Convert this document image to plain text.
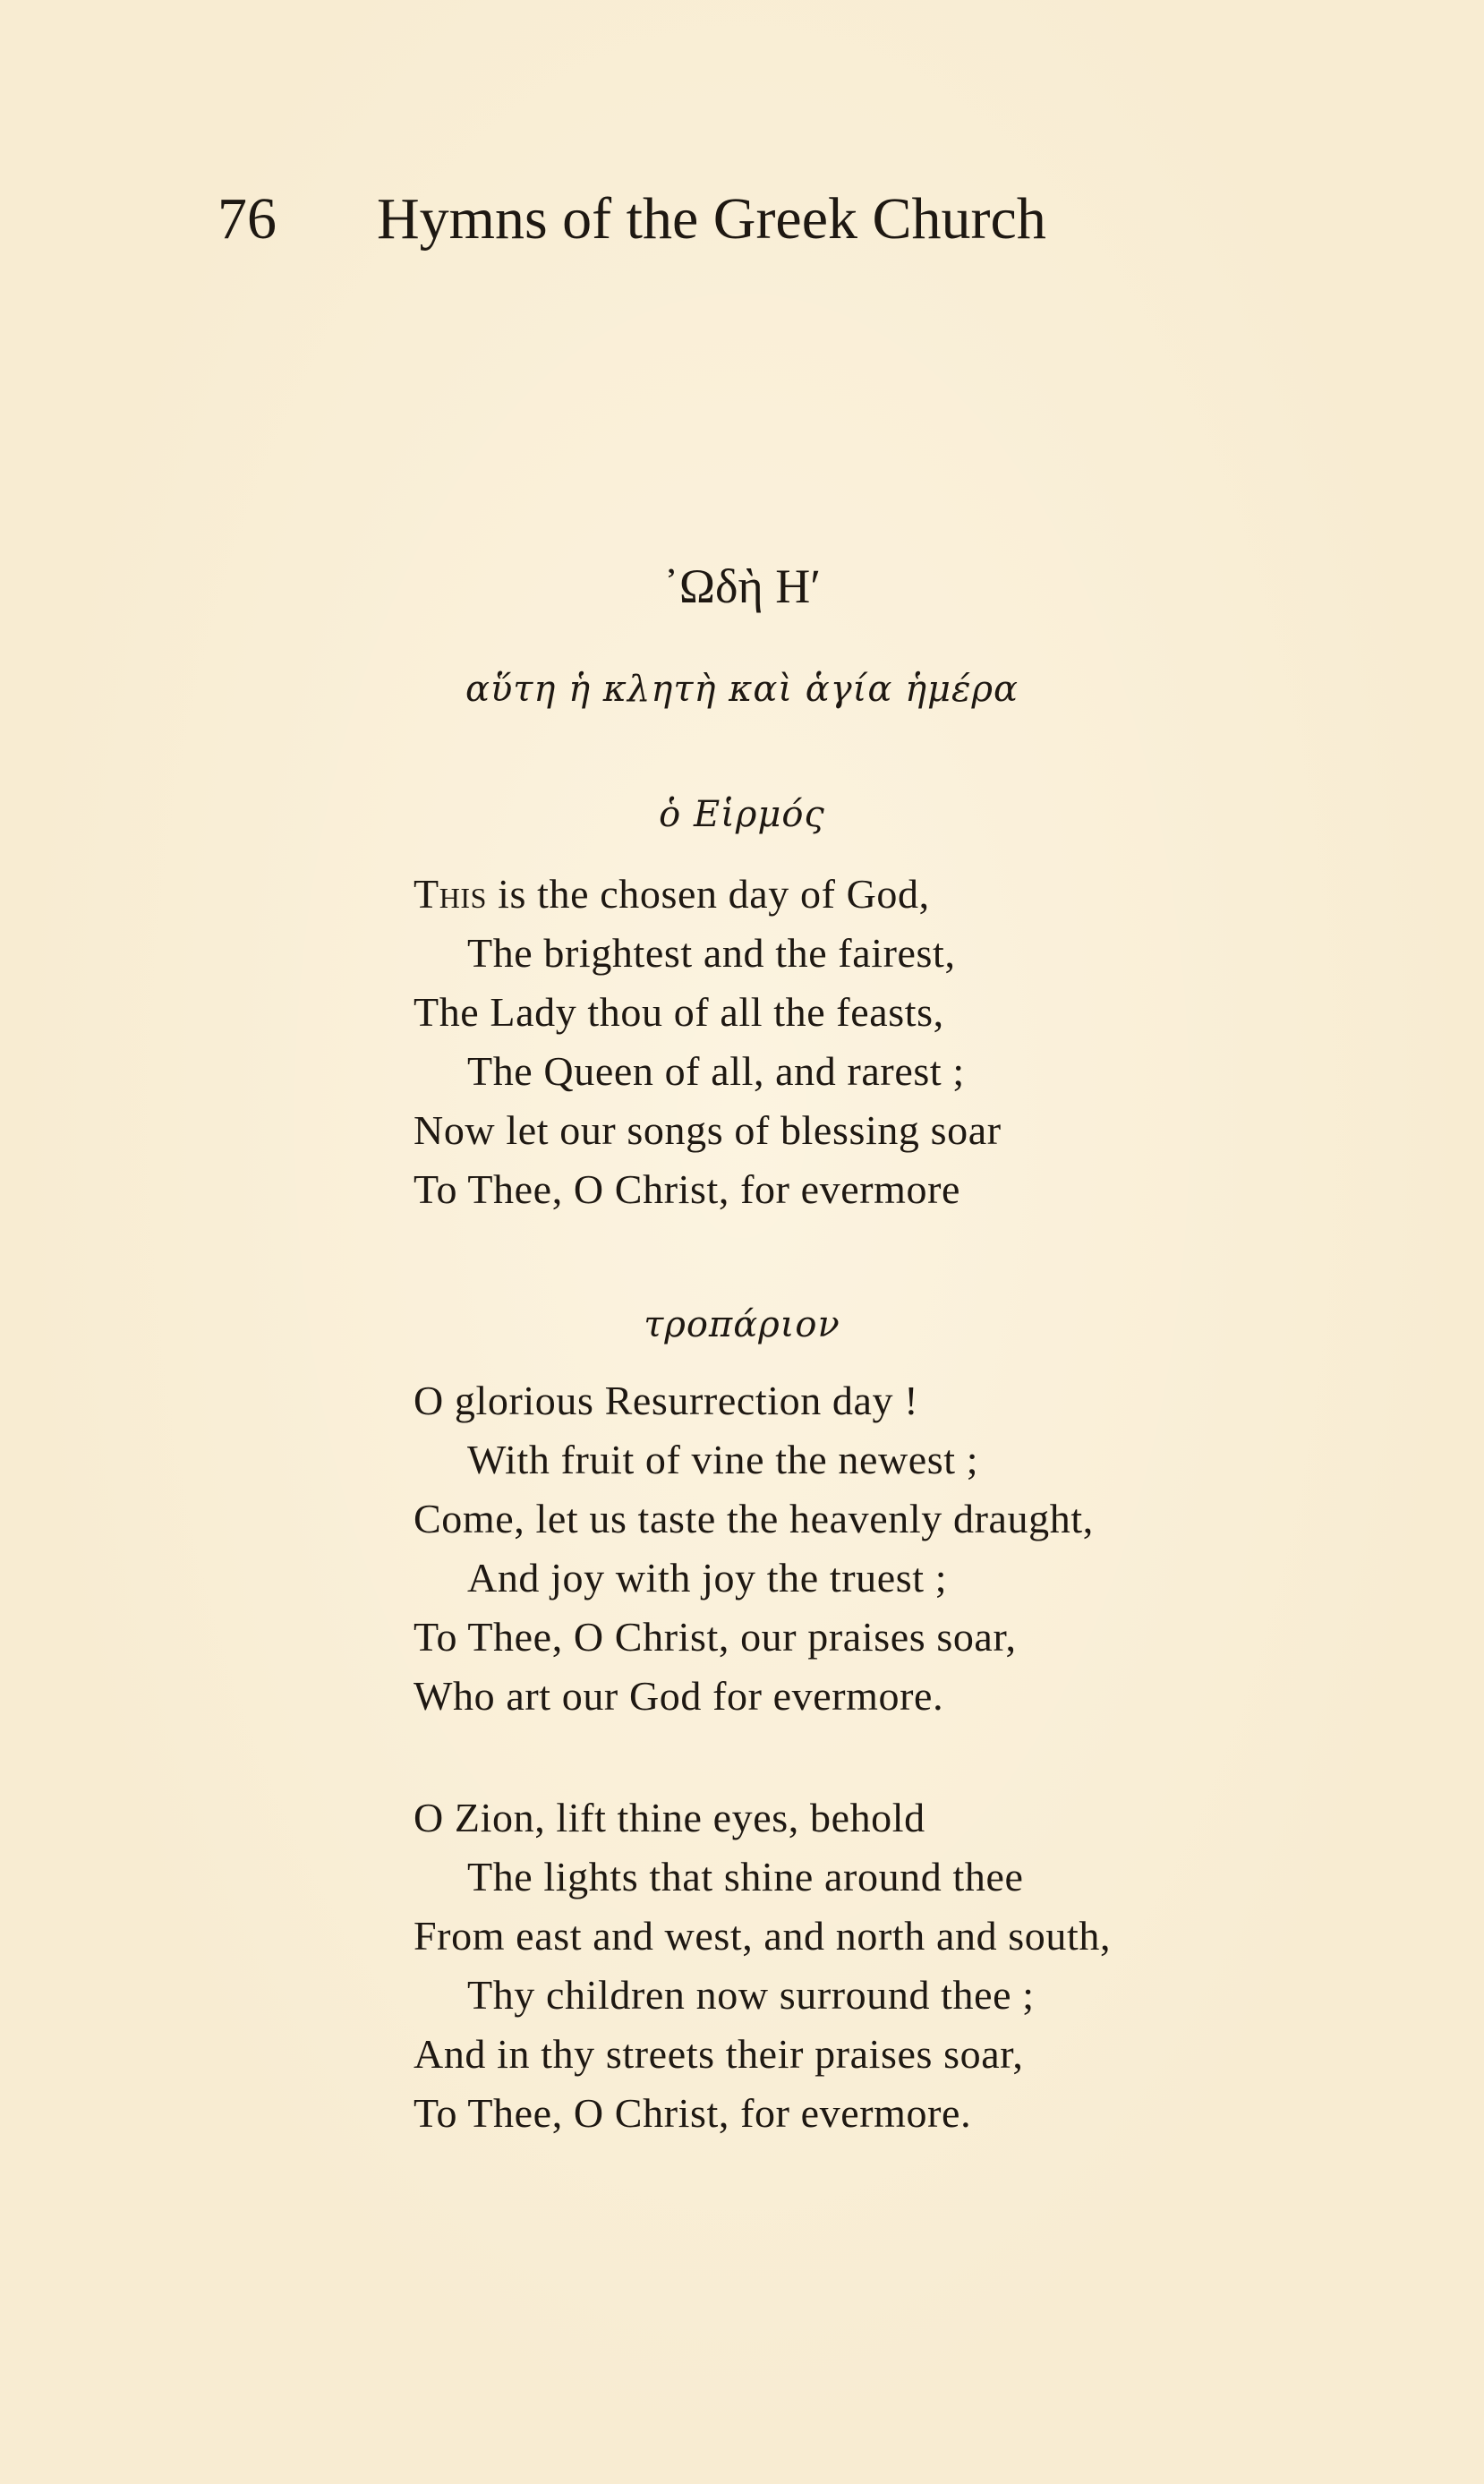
76 Hymns of the Greek Church
᾿Ωδὴ Η′
αὕτη ἡ κλητὴ καὶ ἁγία ἡμέρα
ὁ Εἱρμός
This is the chosen day of God,
The brightest and the fairest,
The Lady thou of all the feasts,
The Queen of all, and rarest ;
Now let our songs of blessing soar
To Thee, O Christ, for evermore
τροπάριον
O glorious Resurrection day !
With fruit of vine the newest ;
Come, let us taste the heavenly draught,
And joy with joy the truest ;
To Thee, O Christ, our praises soar,
Who art our God for evermore.
O Zion, lift thine eyes, behold
The lights that shine around thee
From east and west, and north and south,
Thy children now surround thee ;
And in thy streets their praises soar,
To Thee, O Christ, for evermore.
